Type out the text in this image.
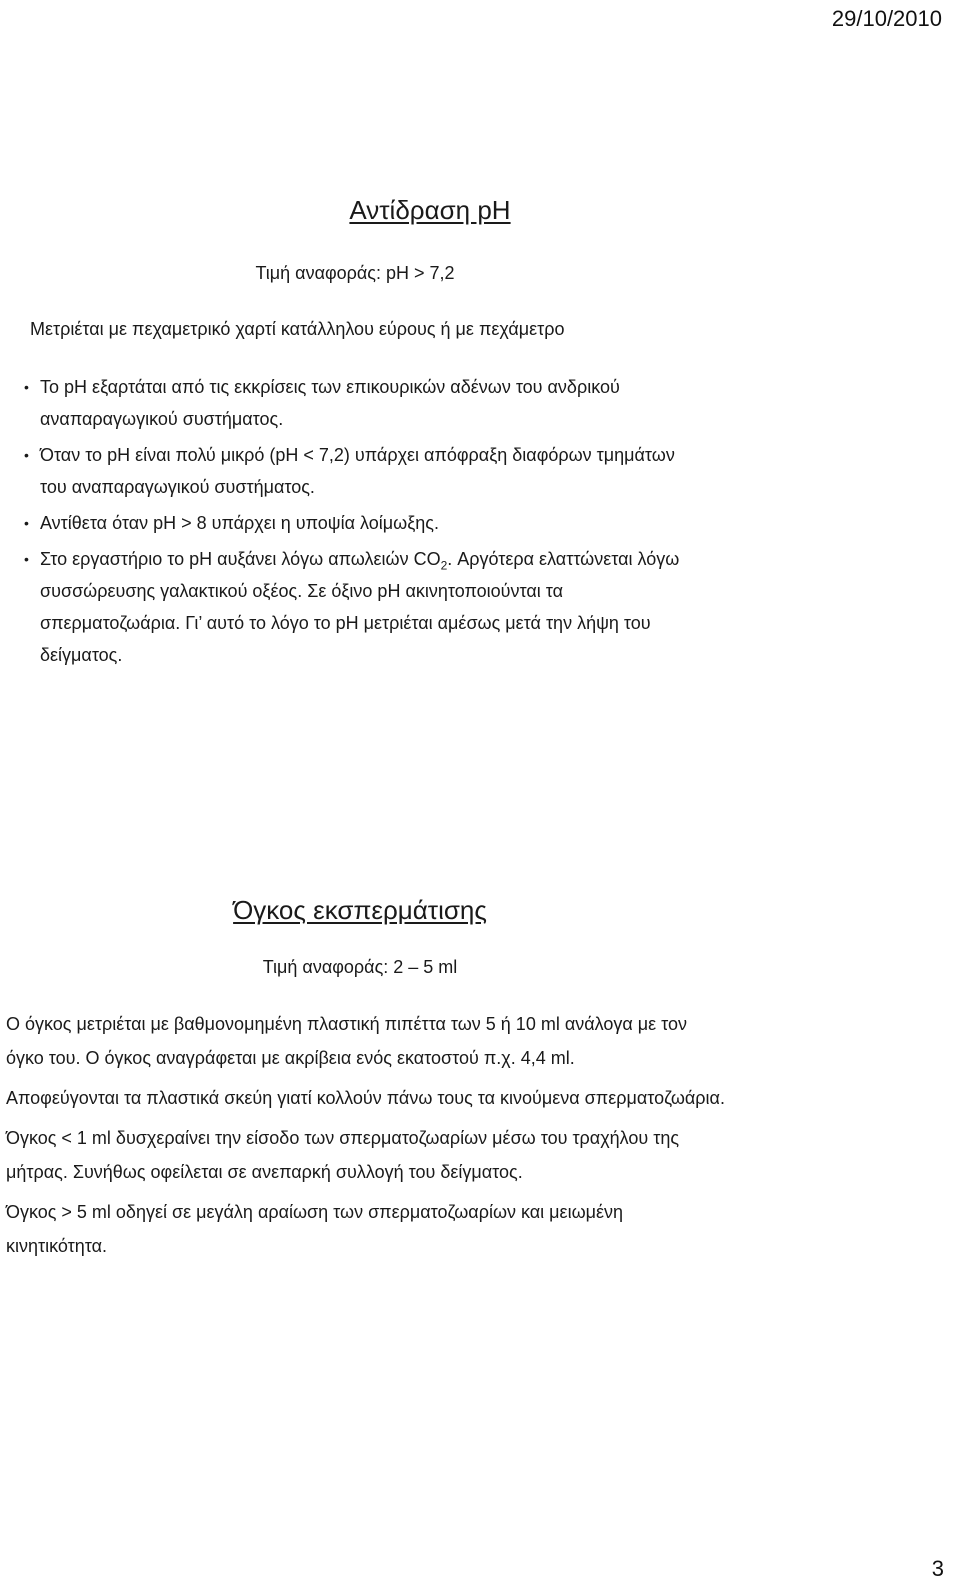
29/10/2010
Αντίδραση pH
Τιμή αναφοράς: pH > 7,2
Μετριέται με πεχαμετρικό χαρτί κατάλληλου εύρους ή με πεχάμετρο
• Το pH εξαρτάται από τις εκκρίσεις των επικουρικών αδένων του ανδρικού αναπαραγωγικού συστήματος.
• Όταν το pH είναι πολύ μικρό (pH < 7,2) υπάρχει απόφραξη διαφόρων τμημάτων του αναπαραγωγικού συστήματος.
• Αντίθετα όταν pH > 8 υπάρχει η υποψία λοίμωξης.
• Στο εργαστήριο το pH αυξάνει λόγω απωλειών $CO_2$. Αργότερα ελαττώνεται λόγω συσσώρευσης γαλακτικού οξέος. Σε όξινο pH ακινητοποιούνται τα σπερματοζωάρια. Γι’ αυτό το λόγο το pH μετριέται αμέσως μετά την λήψη του δείγματος.
Όγκος εκσπερμάτισης
Τιμή αναφοράς: 2 – 5 ml

Ο όγκος μετριέται με βαθμονομημένη πλαστική πιπέττα των 5 ή 10 ml ανάλογα με τον όγκο του. Ο όγκος αναγράφεται με ακρίβεια ενός εκατοστού π.χ. 4,4 ml.

Αποφεύγονται τα πλαστικά σκεύη γιατί κολλούν πάνω τους τα κινούμενα σπερματοζωάρια.

Όγκος < 1 ml δυσχεραίνει την είσοδο των σπερματοζωαρίων μέσω του τραχήλου της μήτρας. Συνήθως οφείλεται σε ανεπαρκή συλλογή του δείγματος.

Όγκος > 5 ml οδηγεί σε μεγάλη αραίωση των σπερματοζωαρίων και μειωμένη κινητικότητα.

3
